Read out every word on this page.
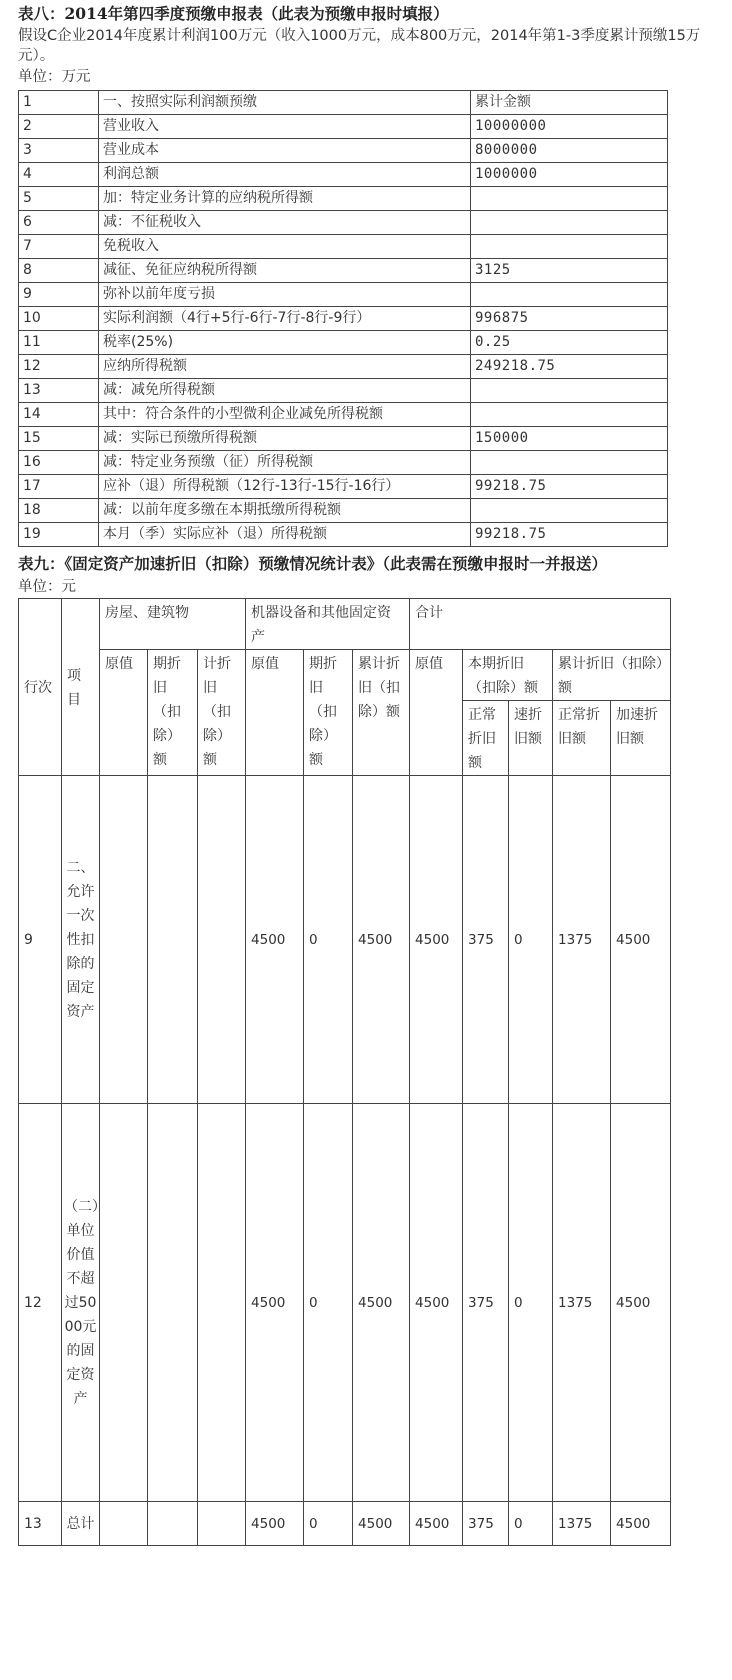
表八：2014年第四季度预缴申报表（此表为预缴申报时填报）

假设C企业2014年度累计利润100万元（收入1000万元，成本800万元，2014年第1-3季度累计预缴15万元）。

单位：万元

1	一、按照实际利润额预缴	累计金额
2	营业收入	10000000
3	营业成本	8000000
4	利润总额	1000000
5	加：特定业务计算的应纳税所得额	
6	减：不征税收入	
7	免税收入	
8	减征、免征应纳税所得额	3125
9	弥补以前年度亏损	
10	实际利润额（4行+5行-6行-7行-8行-9行）	996875
11	税率(25%)	0.25
12	应纳所得税额	249218.75
13	减：减免所得税额	
14	其中：符合条件的小型微利企业减免所得税额	
15	减：实际已预缴所得税额	150000
16	减：特定业务预缴（征）所得税额	
17	应补（退）所得税额（12行-13行-15行-16行）	99218.75
18	减：以前年度多缴在本期抵缴所得税额	
19	本月（季）实际应补（退）所得税额	99218.75

表九：《固定资产加速折旧（扣除）预缴情况统计表》（此表需在预缴申报时一并报送）

单位：元

行次	项目	房屋、建筑物			机器设备和其他固定资产			合计				
		原值	期折旧（扣除）额	计折旧（扣除）额	原值	期折旧（扣除）额	累计折旧（扣除）额	原值	本期折旧（扣除）额		累计折旧（扣除）额	
									正常折旧额	速折旧额	正常折旧额	加速折旧额
9	二、允许一次性扣除的固定资产				4500	0	4500	4500	375	0	1375	4500
12	（二）单位价值不超过5000元的固定资产				4500	0	4500	4500	375	0	1375	4500
13	总计				4500	0	4500	4500	375	0	1375	4500
